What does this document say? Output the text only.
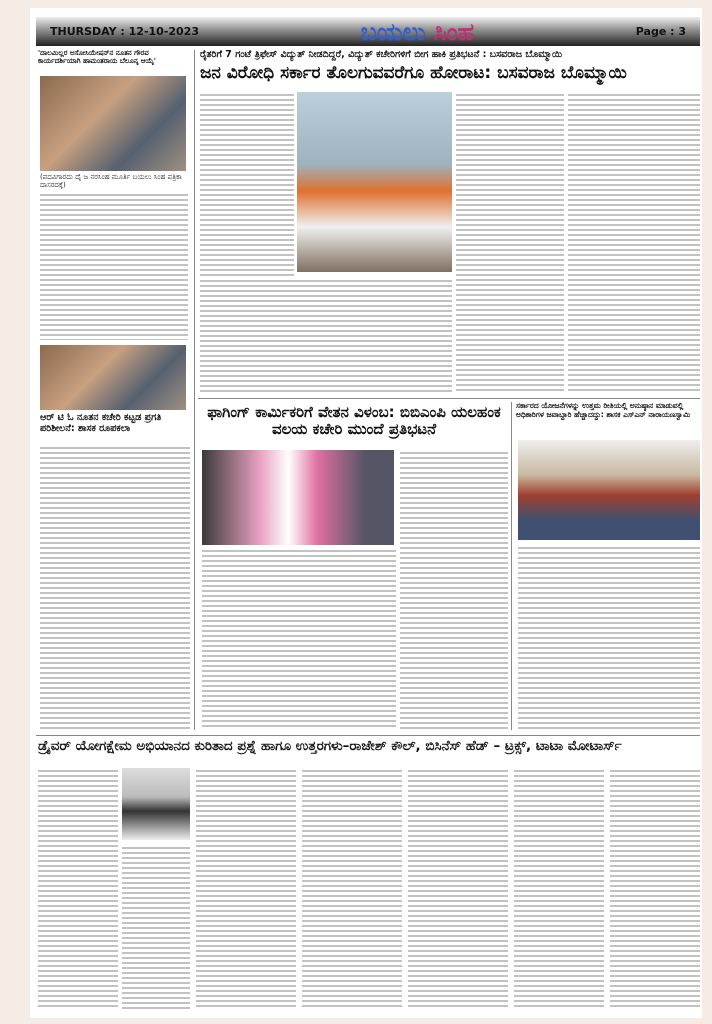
THURSDAY : 12-10-2023	ಬಯಲು ಸಿಂಹ	Page : 3
'ದಾಲಮಿಲ್ಲರ ಅಸೋಸಿಯೇಷನ್‌ನ ನೂತನ ಗೌರವ ಕಾರ್ಯದರ್ಶಿಯಾಗಿ ಹಾಮಂತರಾಯ ಬೆಲೂನ್ಕ ಆಯ್ಕೆ'
(ಪದವಿಗಾರದು ದೈ ಜ ನರಸಿಂಹ ಮೂರ್ತಿ ಬಯಲು ಸಿಂಹ ಪತ್ರಿಕಾ ದಾಸರದಕ್ಕೆ)
ಆರ್ ಟಿ ಓ ನೂತನ ಕಚೇರಿ ಕಟ್ಟಡ ಪ್ರಗತಿ ಪರಿಶೀಲನೆ: ಶಾಸಕ ರೂಪಕಲಾ
ರೈತರಿಗೆ 7 ಗಂಟೆ ತ್ರಿಫೇಸ್ ವಿದ್ಯುತ್ ನೀಡದಿದ್ದರೆ, ವಿದ್ಯುತ್ ಕಚೇರಿಗಳಿಗೆ ಬೀಗ ಹಾಕಿ ಪ್ರತಿಭಟನೆ : ಬಸವರಾಜ ಬೊಮ್ಮಾಯಿ
ಜನ ವಿರೋಧಿ ಸರ್ಕಾರ ತೊಲಗುವವರೆಗೂ ಹೋರಾಟ: ಬಸವರಾಜ ಬೊಮ್ಮಾಯಿ
ಫಾಗಿಂಗ್ ಕಾರ್ಮಿಕರಿಗೆ ವೇತನ ವಿಳಂಬ: ಬಿಬಿಎಂಪಿ ಯಲಹಂಕ ವಲಯ ಕಚೇರಿ ಮುಂದೆ ಪ್ರತಿಭಟನೆ
ಸರ್ಕಾರದ ಯೋಜನೆಗಳನ್ನು ಉತ್ತಮ ರೀತಿಯಲ್ಲಿ ಅನುಷ್ಠಾನ ಮಾಡುವಲ್ಲಿ ಅಧಿಕಾರಿಗಳ ಜವಾಬ್ದಾರಿ ಹೆಚ್ಚಾದದ್ದು: ಶಾಸಕ ಎಸ್‌ಎನ್ ನಾರಾಯಣಸ್ವಾಮಿ
ಡ್ರೈವರ್ ಯೋಗಕ್ಷೇಮ ಅಭಿಯಾನದ ಕುರಿತಾದ ಪ್ರಶ್ನೆ ಹಾಗೂ ಉತ್ತರಗಳು–ರಾಜೇಶ್ ಕೌಲ್, ಬಿಸಿನೆಸ್ ಹೆಡ್ – ಟ್ರಕ್ಸ್, ಟಾಟಾ ಮೋಟಾರ್ಸ್
